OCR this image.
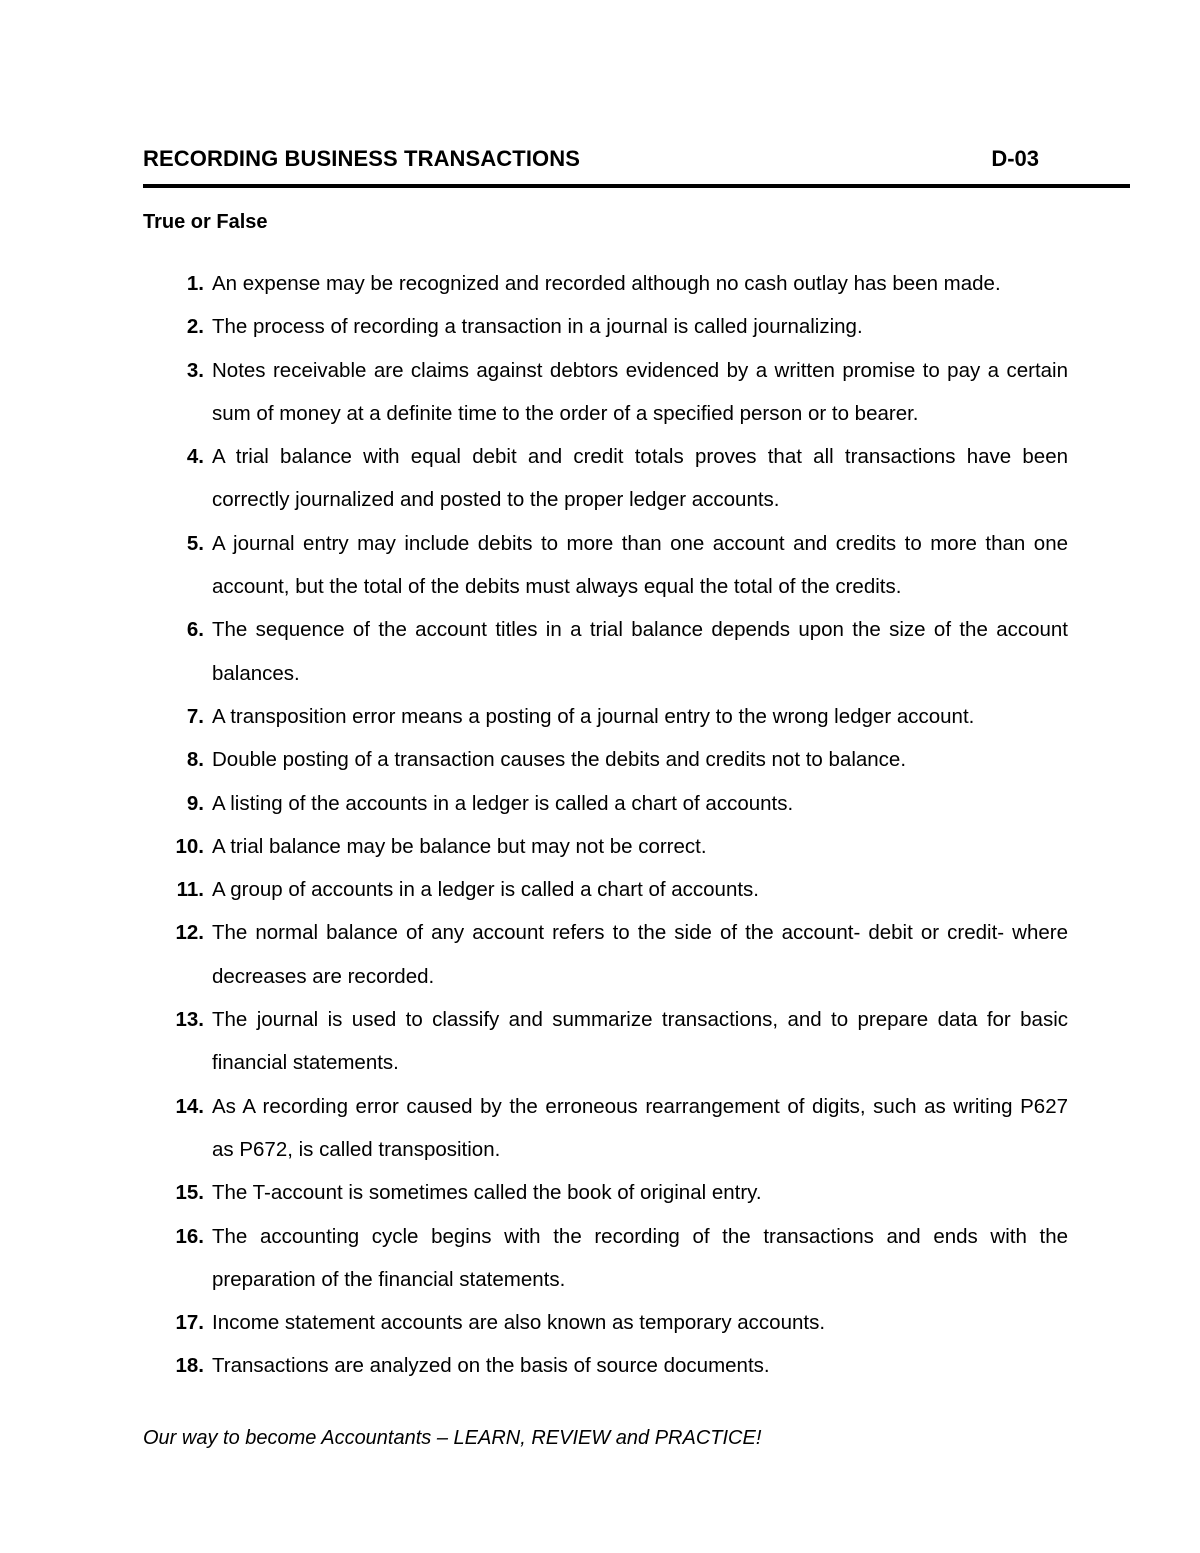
RECORDING BUSINESS TRANSACTIONS	D-03
True or False
1. An expense may be recognized and recorded although no cash outlay has been made.
2. The process of recording a transaction in a journal is called journalizing.
3. Notes receivable are claims against debtors evidenced by a written promise to pay a certain sum of money at a definite time to the order of a specified person or to bearer.
4. A trial balance with equal debit and credit totals proves that all transactions have been correctly journalized and posted to the proper ledger accounts.
5. A journal entry may include debits to more than one account and credits to more than one account, but the total of the debits must always equal the total of the credits.
6. The sequence of the account titles in a trial balance depends upon the size of the account balances.
7. A transposition error means a posting of a journal entry to the wrong ledger account.
8. Double posting of a transaction causes the debits and credits not to balance.
9. A listing of the accounts in a ledger is called a chart of accounts.
10. A trial balance may be balance but may not be correct.
11. A group of accounts in a ledger is called a chart of accounts.
12. The normal balance of any account refers to the side of the account- debit or credit- where decreases are recorded.
13. The journal is used to classify and summarize transactions, and to prepare data for basic financial statements.
14. As A recording error caused by the erroneous rearrangement of digits, such as writing P627 as P672, is called transposition.
15. The T-account is sometimes called the book of original entry.
16. The accounting cycle begins with the recording of the transactions and ends with the preparation of the financial statements.
17. Income statement accounts are also known as temporary accounts.
18. Transactions are analyzed on the basis of source documents.
Our way to become Accountants – LEARN, REVIEW and PRACTICE!
